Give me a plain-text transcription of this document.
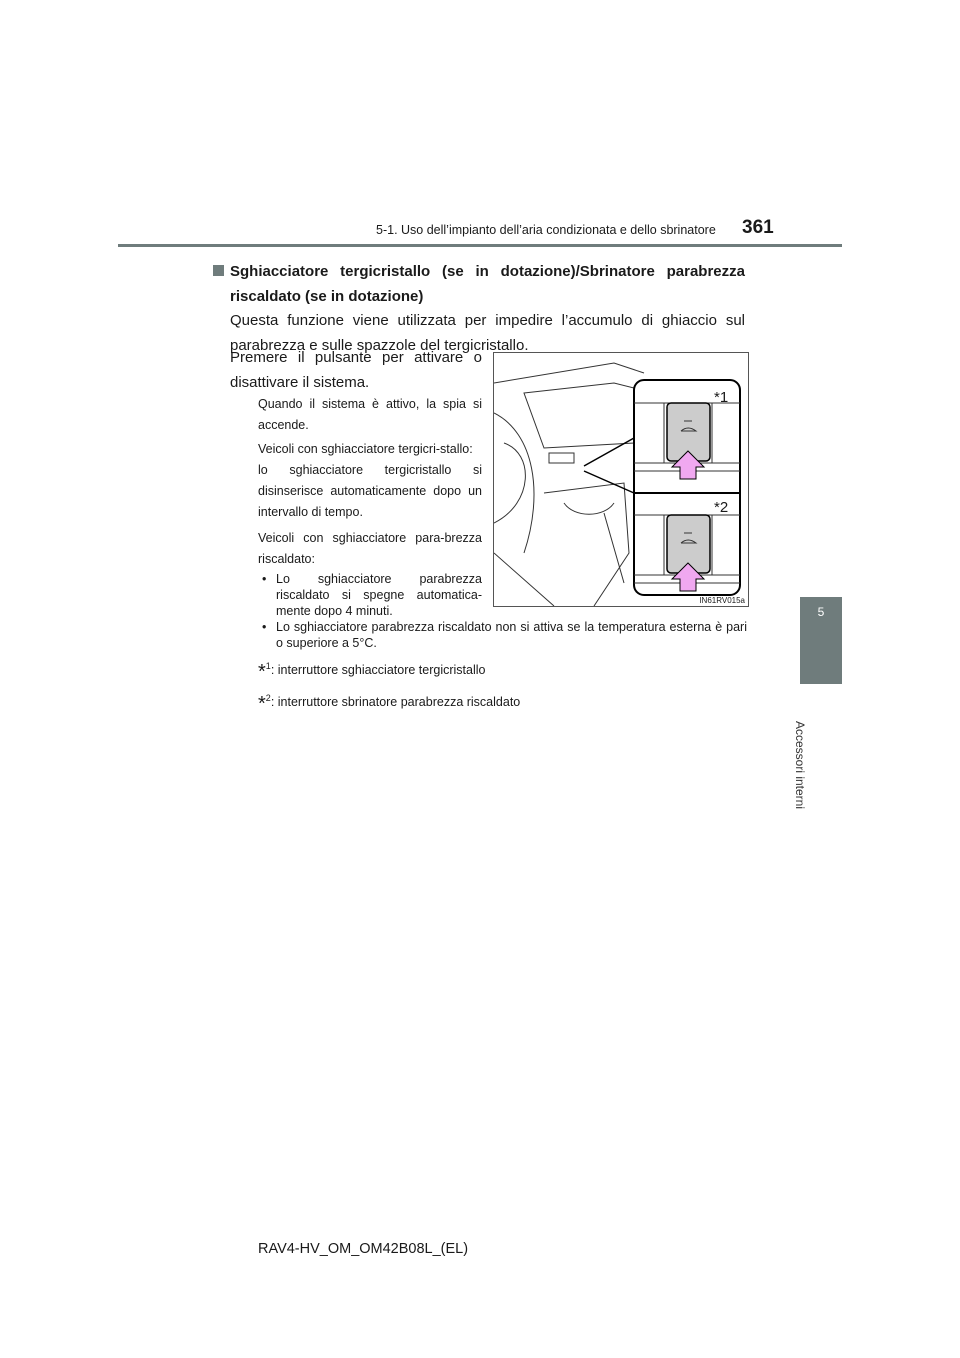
5-1. Uso dell’impianto dell’aria condizionata e dello sbrinatore 361
5
Accessori interni
Sghiacciatore tergicristallo (se in dotazione)/Sbrinatore parabrezza riscaldato (se in dotazione)
Questa funzione viene utilizzata per impedire l’accumulo di ghiaccio sul parabrezza e sulle spazzole del tergicristallo.
Premere il pulsante per attivare o disattivare il sistema.
Quando il sistema è attivo, la spia si accende.
Veicoli con sghiacciatore tergicri-stallo:
lo sghiacciatore tergicristallo si disinserisce automaticamente dopo un intervallo di tempo.
Veicoli con sghiacciatore para-brezza riscaldato:
• Lo sghiacciatore parabrezza riscaldato si spegne automatica-mente dopo 4 minuti.
• Lo sghiacciatore parabrezza riscaldato non si attiva se la temperatura esterna è pari o superiore a 5°C.
*$^1$: interruttore sghiacciatore tergicristallo
*$^2$: interruttore sbrinatore parabrezza riscaldato
*1
*2
IN61RV015a
RAV4-HV_OM_OM42B08L_(EL)
